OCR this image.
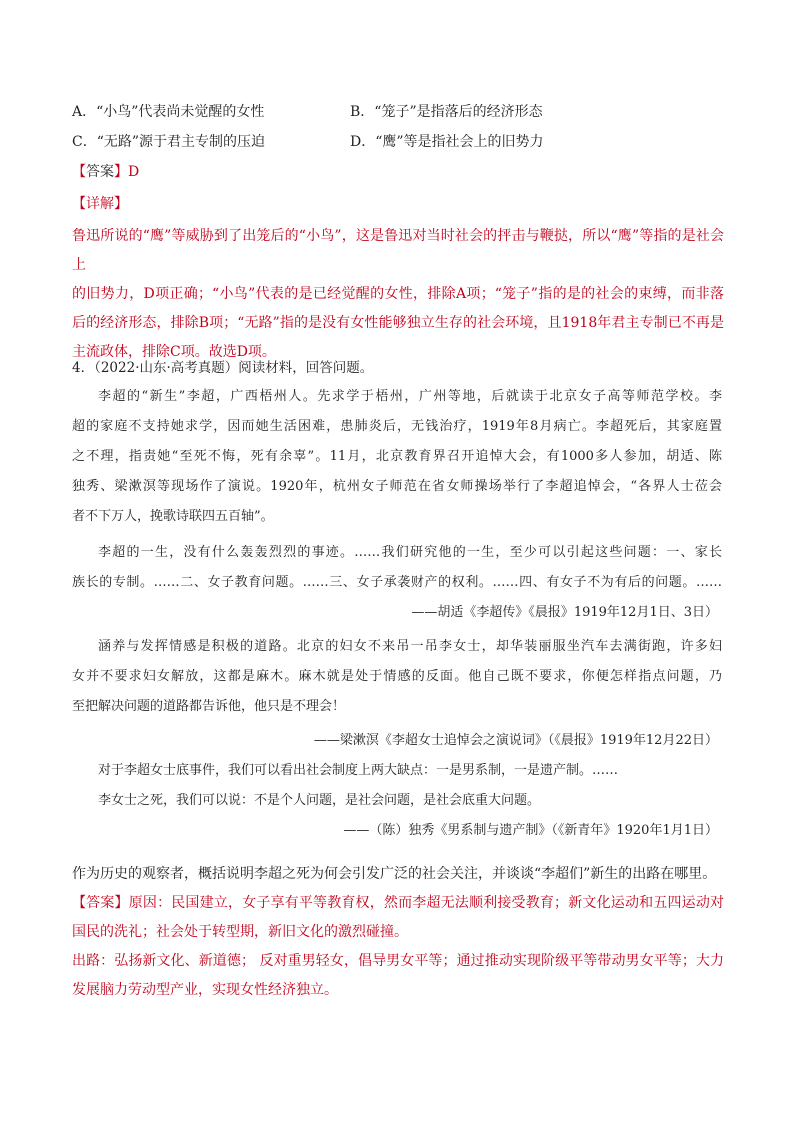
A．“小鸟”代表尚未觉醒的女性	B．“笼子”是指落后的经济形态
C．“无路”源于君主专制的压迫	D．“鹰”等是指社会上的旧势力
【答案】D
【详解】
鲁迅所说的“鹰”等威胁到了出笼后的“小鸟”，这是鲁迅对当时社会的抨击与鞭挞，所以“鹰”等指的是社会上
的旧势力，D项正确；“小鸟”代表的是已经觉醒的女性，排除A项；“笼子”指的是的社会的束缚，而非落
后的经济形态，排除B项；“无路”指的是没有女性能够独立生存的社会环境，且1918年君主专制已不再是
主流政体，排除C项。故选D项。
4．（2022·山东·高考真题）阅读材料，回答问题。
李超的“新生”李超，广西梧州人。先求学于梧州，广州等地，后就读于北京女子高等师范学校。李
超的家庭不支持她求学，因而她生活困难，患肺炎后，无钱治疗，1919年8月病亡。李超死后，其家庭置
之不理，指责她“至死不悔，死有余辜”。11月，北京教育界召开追悼大会，有1000多人参加，胡适、陈
独秀、梁漱溟等现场作了演说。1920年，杭州女子师范在省女师操场举行了李超追悼会，“各界人士莅会
者不下万人，挽歌诗联四五百轴”。
李超的一生，没有什么轰轰烈烈的事迹。……我们研究他的一生，至少可以引起这些问题：一、家长
族长的专制。……二、女子教育问题。……三、女子承袭财产的权利。……四、有女子不为有后的问题。……
——胡适《李超传》《晨报》1919年12月1日、3日）
涵养与发挥情感是积极的道路。北京的妇女不来吊一吊李女士，却华装丽服坐汽车去满街跑，许多妇
女并不要求妇女解放，这都是麻木。麻木就是处于情感的反面。他自己既不要求，你便怎样指点问题，乃
至把解决问题的道路都告诉他，他只是不理会！
——梁漱溟《李超女士追悼会之演说词》（《晨报》1919年12月22日）
对于李超女士底事件，我们可以看出社会制度上两大缺点：一是男系制，一是遗产制。……
李女士之死，我们可以说：不是个人问题，是社会问题，是社会底重大问题。
——（陈）独秀《男系制与遗产制》（《新青年》1920年1月1日）
作为历史的观察者，概括说明李超之死为何会引发广泛的社会关注，并谈谈“李超们”新生的出路在哪里。
【答案】原因：民国建立，女子享有平等教育权，然而李超无法顺利接受教育；新文化运动和五四运动对
国民的洗礼；社会处于转型期，新旧文化的激烈碰撞。
出路：弘扬新文化、新道德； 反对重男轻女，倡导男女平等；通过推动实现阶级平等带动男女平等；大力
发展脑力劳动型产业，实现女性经济独立。
